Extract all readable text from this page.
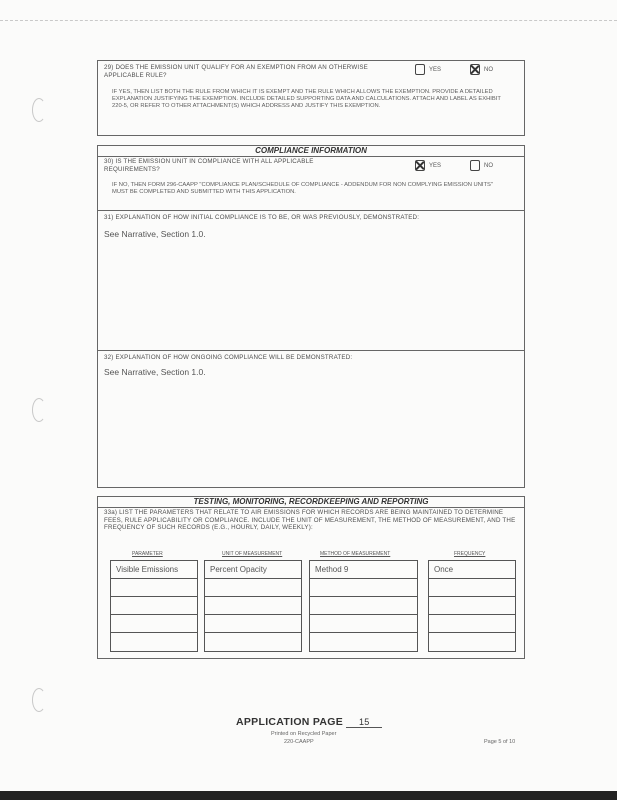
29) DOES THE EMISSION UNIT QUALIFY FOR AN EXEMPTION FROM AN OTHERWISE APPLICABLE RULE?
YES	NO
IF YES, THEN LIST BOTH THE RULE FROM WHICH IT IS EXEMPT AND THE RULE WHICH ALLOWS THE EXEMPTION. PROVIDE A DETAILED EXPLANATION JUSTIFYING THE EXEMPTION. INCLUDE DETAILED SUPPORTING DATA AND CALCULATIONS. ATTACH AND LABEL AS EXHIBIT 220-5, OR REFER TO OTHER ATTACHMENT(S) WHICH ADDRESS AND JUSTIFY THIS EXEMPTION.
COMPLIANCE INFORMATION
30) IS THE EMISSION UNIT IN COMPLIANCE WITH ALL APPLICABLE REQUIREMENTS?
YES	NO
IF NO, THEN FORM 296-CAAPP "COMPLIANCE PLAN/SCHEDULE OF COMPLIANCE - ADDENDUM FOR NON COMPLYING EMISSION UNITS" MUST BE COMPLETED AND SUBMITTED WITH THIS APPLICATION.
31) EXPLANATION OF HOW INITIAL COMPLIANCE IS TO BE, OR WAS PREVIOUSLY, DEMONSTRATED:
See Narrative, Section 1.0.
32) EXPLANATION OF HOW ONGOING COMPLIANCE WILL BE DEMONSTRATED:
See Narrative, Section 1.0.
TESTING, MONITORING, RECORDKEEPING AND REPORTING
33a) LIST THE PARAMETERS THAT RELATE TO AIR EMISSIONS FOR WHICH RECORDS ARE BEING MAINTAINED TO DETERMINE FEES, RULE APPLICABILITY OR COMPLIANCE. INCLUDE THE UNIT OF MEASUREMENT, THE METHOD OF MEASUREMENT, AND THE FREQUENCY OF SUCH RECORDS (E.G., HOURLY, DAILY, WEEKLY):
PARAMETER	UNIT OF MEASUREMENT	METHOD OF MEASUREMENT	FREQUENCY
Visible Emissions	Percent Opacity	Method 9	Once
APPLICATION PAGE 15
Printed on Recycled Paper
220-CAAPP	Page 5 of 10
